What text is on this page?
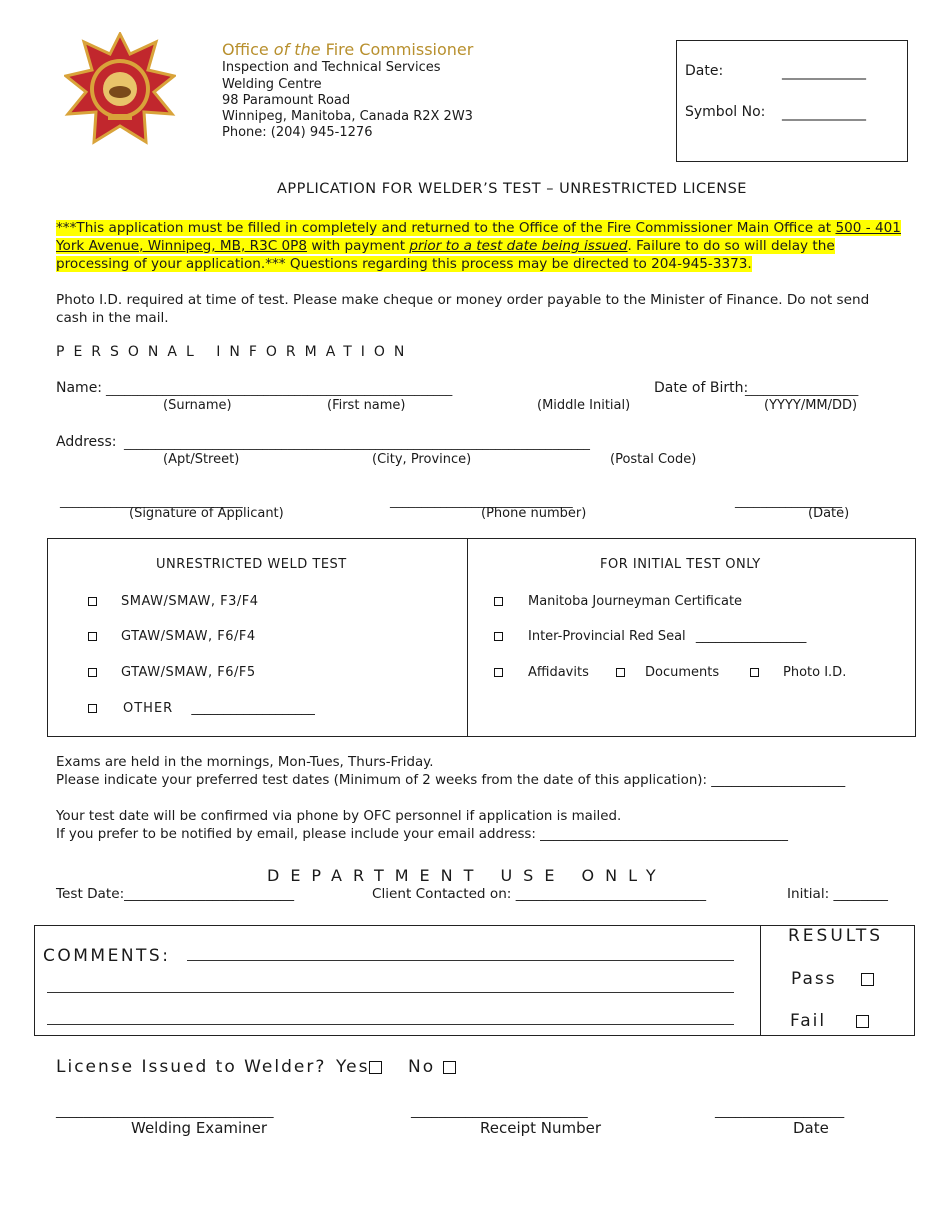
Office of the Fire Commissioner
Inspection and Technical Services
Welding Centre
98 Paramount Road
Winnipeg, Manitoba, Canada R2X 2W3
Phone: (204) 945-1276
Date:	____________
Symbol No: ____________
APPLICATION FOR WELDER’S TEST – UNRESTRICTED LICENSE
***This application must be filled in completely and returned to the Office of the Fire Commissioner Main Office at 500 - 401
York Avenue, Winnipeg, MB, R3C 0P8 with payment prior to a test date being issued. Failure to do so will delay the
processing of your application.*** Questions regarding this process may be directed to 204-945-3373.
Photo I.D. required at time of test. Please make cheque or money order payable to the Minister of Finance. Do not send
cash in the mail.
PERSONAL INFORMATION
Name: _______________________________________________________	Date of Birth:
__________________
(Surname)	(First name)	(Middle Initial)	(YYYY/MM/DD)
Address: __________________________________________________________________________
(Apt/Street)	(City, Province)	(Postal Code)
_____________________________	_____________________________	_________________
(Signature of Applicant)	(Phone number)	(Date)
UNRESTRICTED WELD TEST
SMAW/SMAW, F3/F4
GTAW/SMAW, F6/F4
GTAW/SMAW, F6/F5
OTHER ___________________
FOR INITIAL TEST ONLY
Manitoba Journeyman Certificate
Inter-Provincial Red Seal _________________
Affidavits	Documents	Photo I.D.
Exams are held in the mornings, Mon-Tues, Thurs-Friday.
Please indicate your preferred test dates (Minimum of 2 weeks from the date of this application): ____________________
Your test date will be confirmed via phone by OFC personnel if application is mailed.
If you prefer to be notified by email, please include your email address: _____________________________________
DEPARTMENT USE ONLY
Test Date:_________________________	Client Contacted on: ____________________________	Initial: ________
COMMENTS:
RESULTS
Pass
Fail
License Issued to Welder? Yes	No
________________________________	__________________________	___________________
Welding Examiner	Receipt Number	Date
